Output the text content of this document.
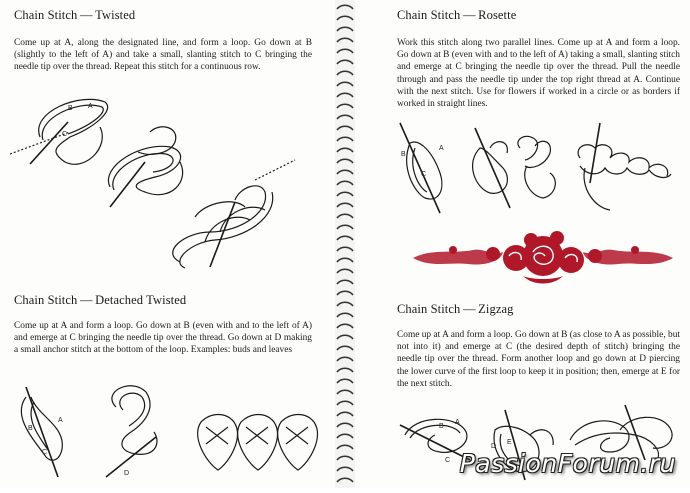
Chain Stitch — Twisted

Come up at A, along the designated line, and form a loop. Go down at B (slightly to the left of A) and take a small, slanting stitch to C bringing the needle tip over the thread. Repeat this stitch for a continuous row.

B A
C
Chain Stitch — Detached Twisted

Come up at A and form a loop. Go down at B (even with and to the left of A) and emerge at C bringing the needle tip over the thread. Go down at D making a small anchor stitch at the bottom of the loop. Examples: buds and leaves

B
A
C
D
Chain Stitch — Rosette

Work this stitch along two parallel lines. Come up at A and form a loop. Go down at B (even with and to the left of A) taking a small, slanting stitch and emerge at C bringing the needle tip over the thread. Pull the needle through and pass the needle tip under the top right thread at A. Continue with the next stitch. Use for flowers if worked in a circle or as borders if worked in straight lines.

B
A
C
Chain Stitch — Zigzag

Come up at A and form a loop. Go down at B (as close to A as possible, but not into it) and emerge at C (the desired depth of stitch) bringing the needle tip over the thread. Form another loop and go down at D piercing the lower curve of the first loop to keep it in position; then, emerge at E for the next stitch.

B
A
C
D
E
PassionForum.ru
